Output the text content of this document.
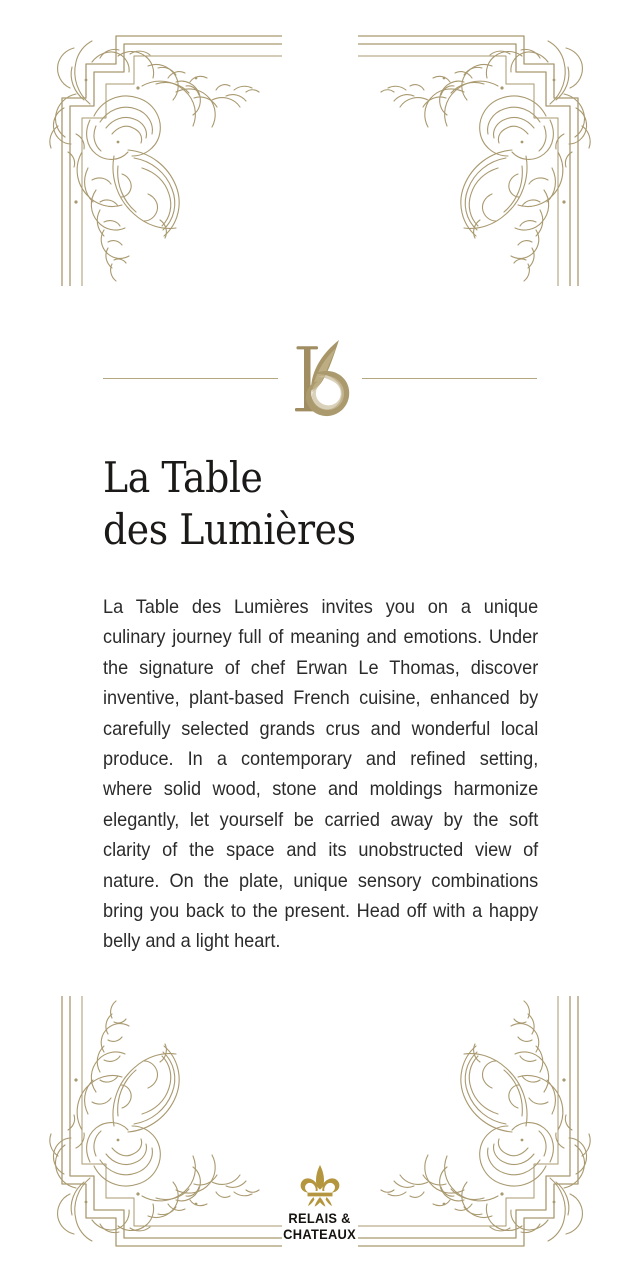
La Table
des Lumières

La Table des Lumières invites you on a unique culinary journey full of meaning and emotions. Under the signature of chef Erwan Le Thomas, discover inventive, plant-based French cuisine, enhanced by carefully selected grands crus and wonderful local produce. In a contemporary and refined setting, where solid wood, stone and moldings harmonize elegantly, let yourself be carried away by the soft clarity of the space and its unobstructed view of nature. On the plate, unique sensory combinations bring you back to the present. Head off with a happy belly and a light heart.

RELAIS &
CHATEAUX
